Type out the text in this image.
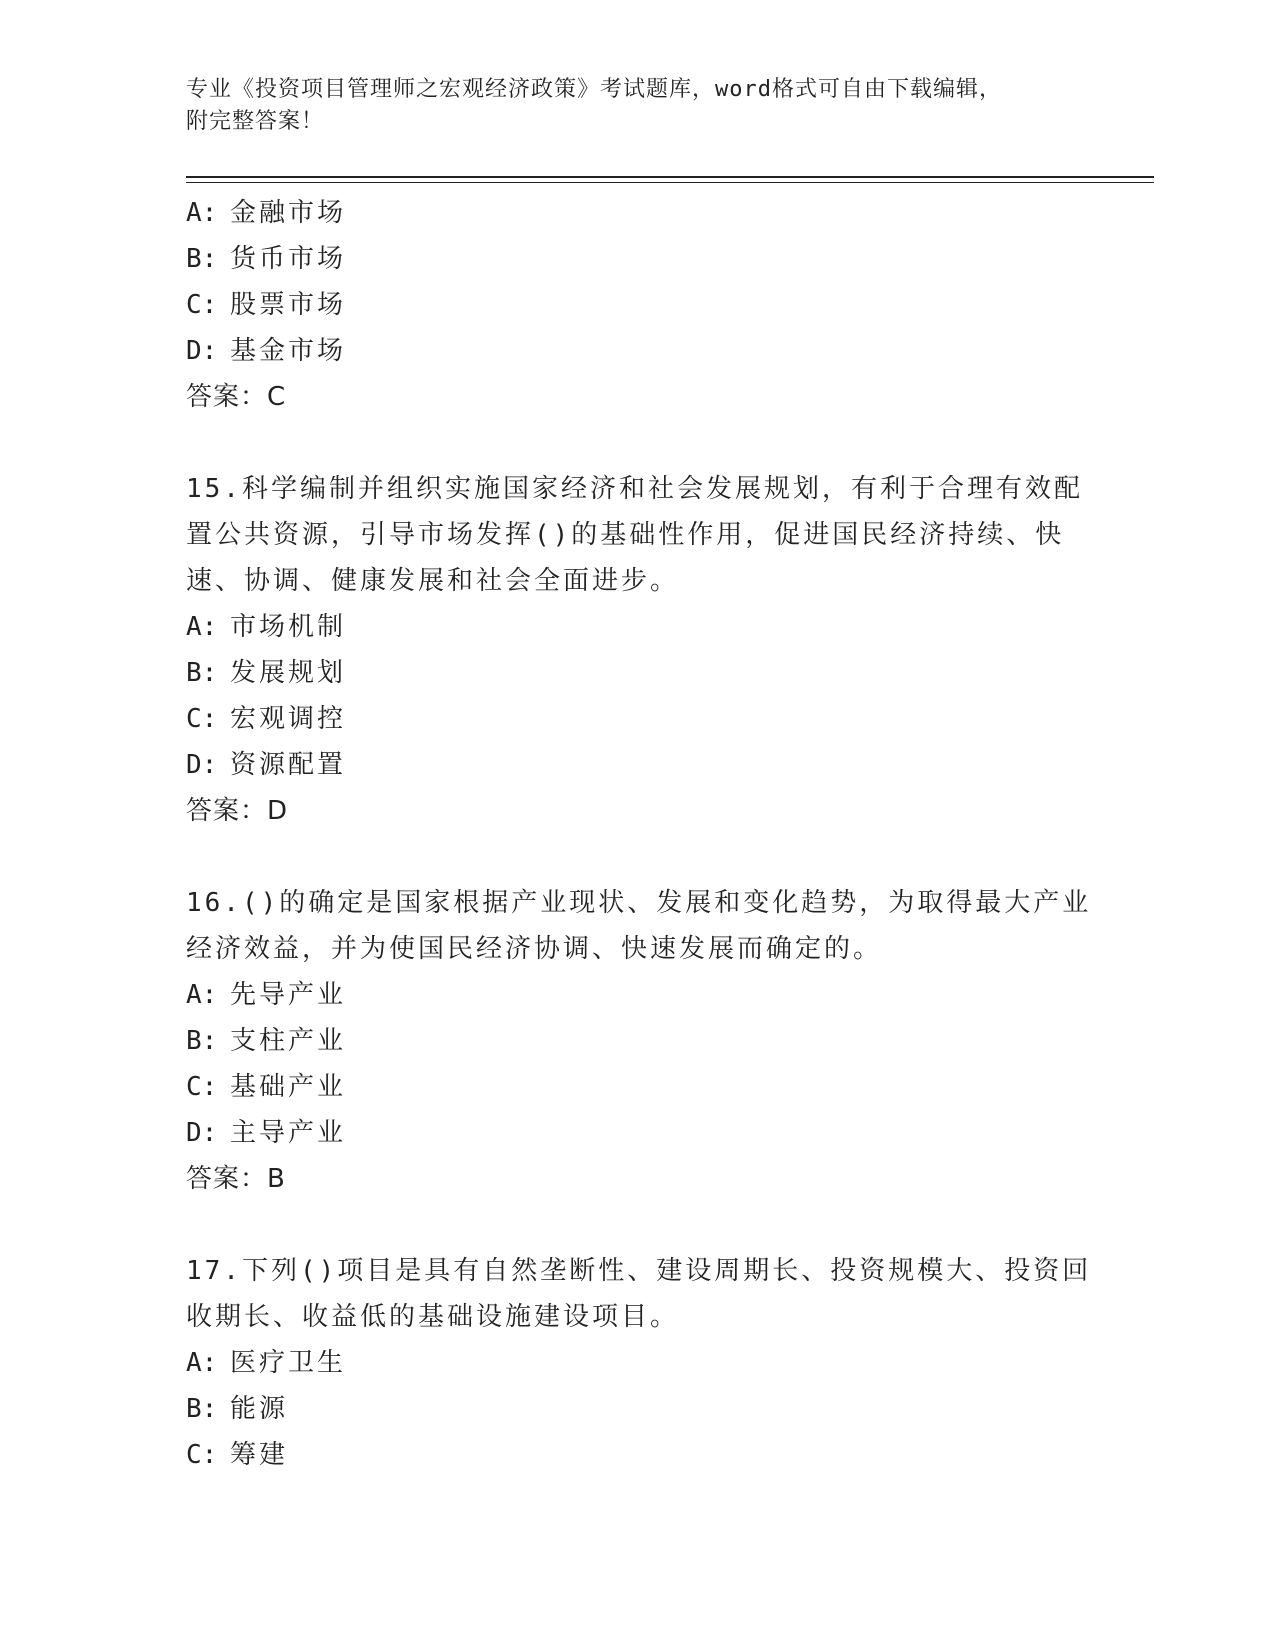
专业《投资项目管理师之宏观经济政策》考试题库，word格式可自由下载编辑，
附完整答案！
A: 金融市场
B: 货币市场
C: 股票市场
D: 基金市场
答案：C
15.科学编制并组织实施国家经济和社会发展规划，有利于合理有效配
置公共资源，引导市场发挥()的基础性作用，促进国民经济持续、快
速、协调、健康发展和社会全面进步。
A: 市场机制
B: 发展规划
C: 宏观调控
D: 资源配置
答案：D
16.()的确定是国家根据产业现状、发展和变化趋势，为取得最大产业
经济效益，并为使国民经济协调、快速发展而确定的。
A: 先导产业
B: 支柱产业
C: 基础产业
D: 主导产业
答案：B
17.下列()项目是具有自然垄断性、建设周期长、投资规模大、投资回
收期长、收益低的基础设施建设项目。
A: 医疗卫生
B: 能源
C: 筹建
